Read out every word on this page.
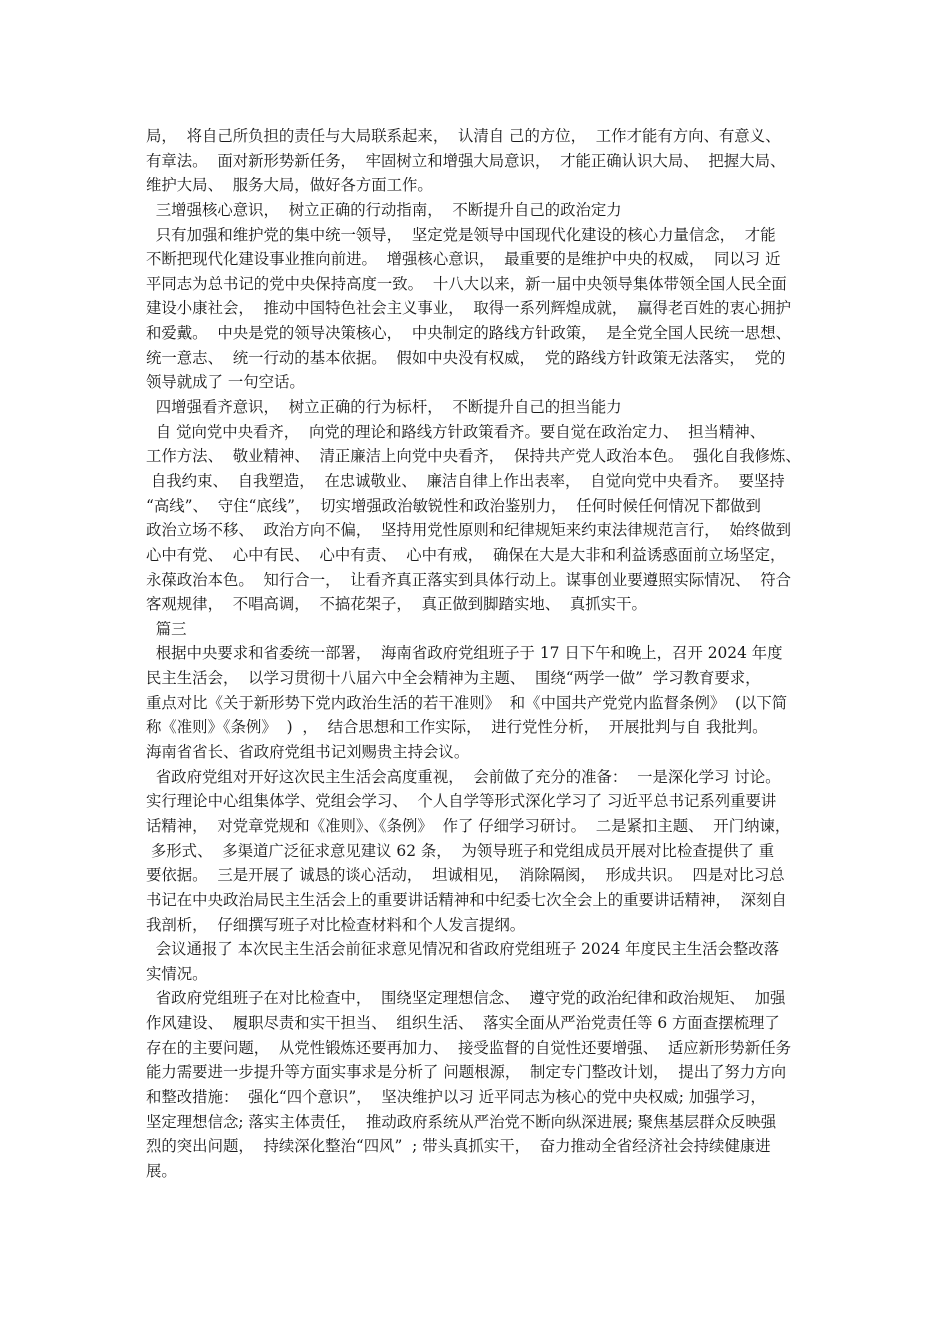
局，  将自己所负担的责任与大局联系起来，  认清自 己的方位，  工作才能有方向、有意义、
有章法。  面对新形势新任务，  牢固树立和增强大局意识，  才能正确认识大局、  把握大局、
维护大局、  服务大局，做好各方面工作。
三增强核心意识，  树立正确的行动指南，  不断提升自己的政治定力
只有加强和维护党的集中统一领导，  坚定党是领导中国现代化建设的核心力量信念，  才能
不断把现代化建设事业推向前进。  增强核心意识，  最重要的是维护中央的权威，  同以习 近
平同志为总书记的党中央保持高度一致。  十八大以来，新一届中央领导集体带领全国人民全面
建设小康社会，  推动中国特色社会主义事业，  取得一系列辉煌成就，  赢得老百姓的衷心拥护
和爱戴。  中央是党的领导决策核心，  中央制定的路线方针政策，  是全党全国人民统一思想、
统一意志、  统一行动的基本依据。  假如中央没有权威，  党的路线方针政策无法落实，  党的
领导就成了 一句空话。
四增强看齐意识，  树立正确的行为标杆，  不断提升自己的担当能力
自 觉向党中央看齐，  向党的理论和路线方针政策看齐。要自觉在政治定力、  担当精神、
工作方法、  敬业精神、  清正廉洁上向党中央看齐，  保持共产党人政治本色。  强化自我修炼、
自我约束、  自我塑造，  在忠诚敬业、  廉洁自律上作出表率，  自觉向党中央看齐。  要坚持
“高线”、  守住“底线”，  切实增强政治敏锐性和政治鉴别力，  任何时候任何情况下都做到
政治立场不移、  政治方向不偏，  坚持用党性原则和纪律规矩来约束法律规范言行，  始终做到
心中有党、  心中有民、  心中有责、  心中有戒，  确保在大是大非和利益诱惑面前立场坚定，
永葆政治本色。  知行合一，  让看齐真正落实到具体行动上。谋事创业要遵照实际情况、  符合
客观规律，  不唱高调，  不搞花架子，  真正做到脚踏实地、  真抓实干。
篇三
根据中央要求和省委统一部署，  海南省政府党组班子于 17 日下午和晚上，召开 2024 年度
民主生活会，  以学习贯彻十八届六中全会精神为主题、  围绕“两学一做”  学习教育要求，
重点对比《关于新形势下党内政治生活的若干准则》  和《中国共产党党内监督条例》  (以下简
称《准则》《条例》  )  ，  结合思想和工作实际，  进行党性分析，  开展批判与自 我批判。
海南省省长、省政府党组书记刘赐贵主持会议。
省政府党组对开好这次民主生活会高度重视，  会前做了充分的准备：  一是深化学习 讨论。
实行理论中心组集体学、党组会学习、  个人自学等形式深化学习了 习近平总书记系列重要讲
话精神，  对党章党规和《准则》、《条例》  作了 仔细学习研讨。  二是紧扣主题、  开门纳谏，
多形式、  多渠道广泛征求意见建议 62 条，  为领导班子和党组成员开展对比检查提供了 重
要依据。  三是开展了 诚恳的谈心活动，  坦诚相见，  消除隔阂，  形成共识。  四是对比习总
书记在中央政治局民主生活会上的重要讲话精神和中纪委七次全会上的重要讲话精神，  深刻自
我剖析，  仔细撰写班子对比检查材料和个人发言提纲。
会议通报了 本次民主生活会前征求意见情况和省政府党组班子 2024 年度民主生活会整改落
实情况。
省政府党组班子在对比检查中，  围绕坚定理想信念、  遵守党的政治纪律和政治规矩、  加强
作风建设、  履职尽责和实干担当、  组织生活、  落实全面从严治党责任等 6 方面查摆梳理了
存在的主要问题，  从党性锻炼还要再加力、  接受监督的自觉性还要增强、  适应新形势新任务
能力需要进一步提升等方面实事求是分析了 问题根源，  制定专门整改计划，  提出了努力方向
和整改措施：  强化“四个意识”，  坚决维护以习 近平同志为核心的党中央权威; 加强学习，
坚定理想信念; 落实主体责任，  推动政府系统从严治党不断向纵深进展; 聚焦基层群众反映强
烈的突出问题，  持续深化整治“四风”  ; 带头真抓实干，  奋力推动全省经济社会持续健康进
展。
